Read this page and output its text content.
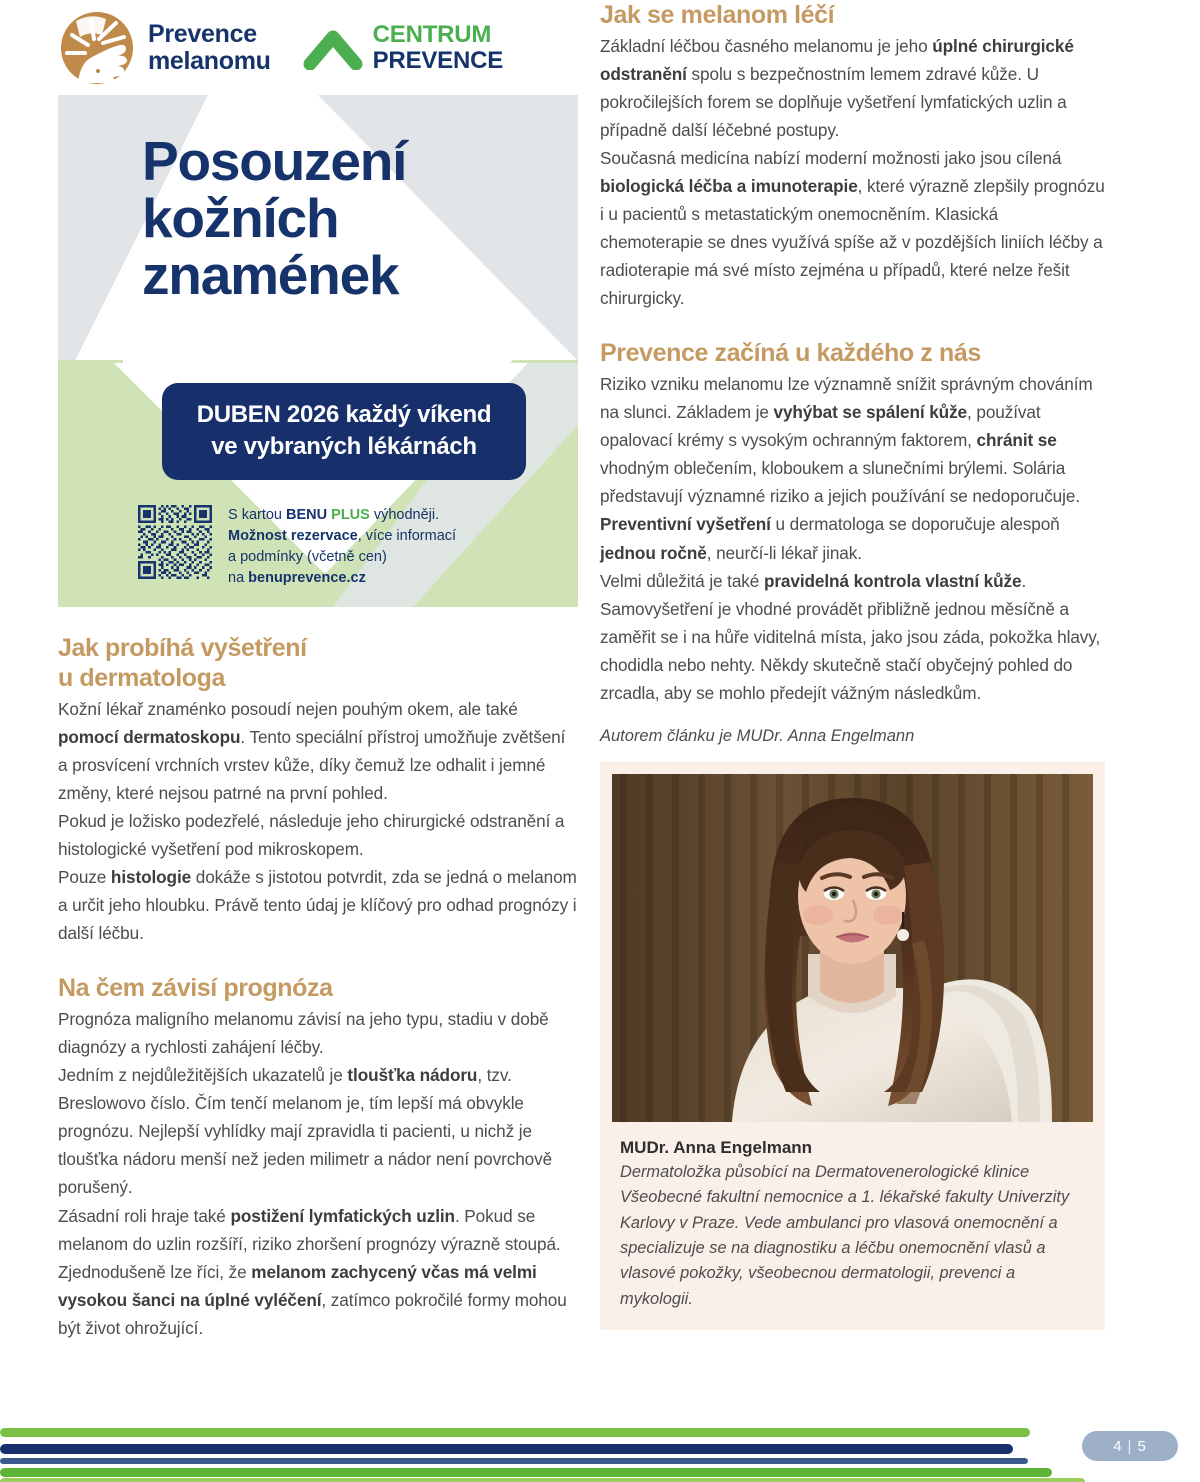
Prevence
melanomu
CENTRUM
PREVENCE
Posouzení
kožních
znamének
DUBEN 2026 každý víkend
ve vybraných lékárnách
S kartou BENU PLUS výhodněji.
Možnost rezervace, více informací
a podmínky (včetně cen)
na benuprevence.cz
Jak probíhá vyšetření
u dermatologa

Kožní lékař znaménko posoudí nejen pouhým okem, ale také pomocí dermatoskopu. Tento speciální přístroj umožňuje zvětšení a prosvícení vrchních vrstev kůže, díky čemuž lze odhalit i jemné změny, které nejsou patrné na první pohled.

Pokud je ložisko podezřelé, následuje jeho chirurgické odstranění a histologické vyšetření pod mikroskopem.

Pouze histologie dokáže s jistotou potvrdit, zda se jedná o melanom a určit jeho hloubku. Právě tento údaj je klíčový pro odhad prognózy i další léčbu.

Na čem závisí prognóza

Prognóza maligního melanomu závisí na jeho typu, stadiu v době diagnózy a rychlosti zahájení léčby.

Jedním z nejdůležitějších ukazatelů je tloušťka nádoru, tzv. Breslowovo číslo. Čím tenčí melanom je, tím lepší má obvykle prognózu. Nejlepší vyhlídky mají zpravidla ti pacienti, u nichž je tloušťka nádoru menší než jeden milimetr a nádor není povrchově porušený.

Zásadní roli hraje také postižení lymfatických uzlin. Pokud se melanom do uzlin rozšíří, riziko zhoršení prognózy výrazně stoupá. Zjednodušeně lze říci, že melanom zachycený včas má velmi vysokou šanci na úplné vyléčení, zatímco pokročilé formy mohou být život ohrožující.

Jak se melanom léčí

Základní léčbou časného melanomu je jeho úplné chirurgické odstranění spolu s bezpečnostním lemem zdravé kůže. U pokročilejších forem se doplňuje vyšetření lymfatických uzlin a případně další léčebné postupy.

Současná medicína nabízí moderní možnosti jako jsou cílená biologická léčba a imunoterapie, které výrazně zlepšily prognózu i u pacientů s metastatickým onemocněním. Klasická chemoterapie se dnes využívá spíše až v pozdějších liniích léčby a radioterapie má své místo zejména u případů, které nelze řešit chirurgicky.

Prevence začíná u každého z nás

Riziko vzniku melanomu lze významně snížit správným chováním na slunci. Základem je vyhýbat se spálení kůže, používat opalovací krémy s vysokým ochranným faktorem, chránit se vhodným oblečením, kloboukem a slunečními brýlemi. Solária představují významné riziko a jejich používání se nedoporučuje.

Preventivní vyšetření u dermatologa se doporučuje alespoň jednou ročně, neurčí-li lékař jinak.

Velmi důležitá je také pravidelná kontrola vlastní kůže. Samovyšetření je vhodné provádět přibližně jednou měsíčně a zaměřit se i na hůře viditelná místa, jako jsou záda, pokožka hlavy, chodidla nebo nehty. Někdy skutečně stačí obyčejný pohled do zrcadla, aby se mohlo předejít vážným následkům.

Autorem článku je MUDr. Anna Engelmann
MUDr. Anna Engelmann
Dermatoložka působící na Dermatovenerologické klinice Všeobecné fakultní nemocnice a 1. lékařské fakulty Univerzity Karlovy v Praze. Vede ambulanci pro vlasová onemocnění a specializuje se na diagnostiku a léčbu onemocnění vlasů a vlasové pokožky, všeobecnou dermatologii, prevenci a mykologii.
4 | 5
